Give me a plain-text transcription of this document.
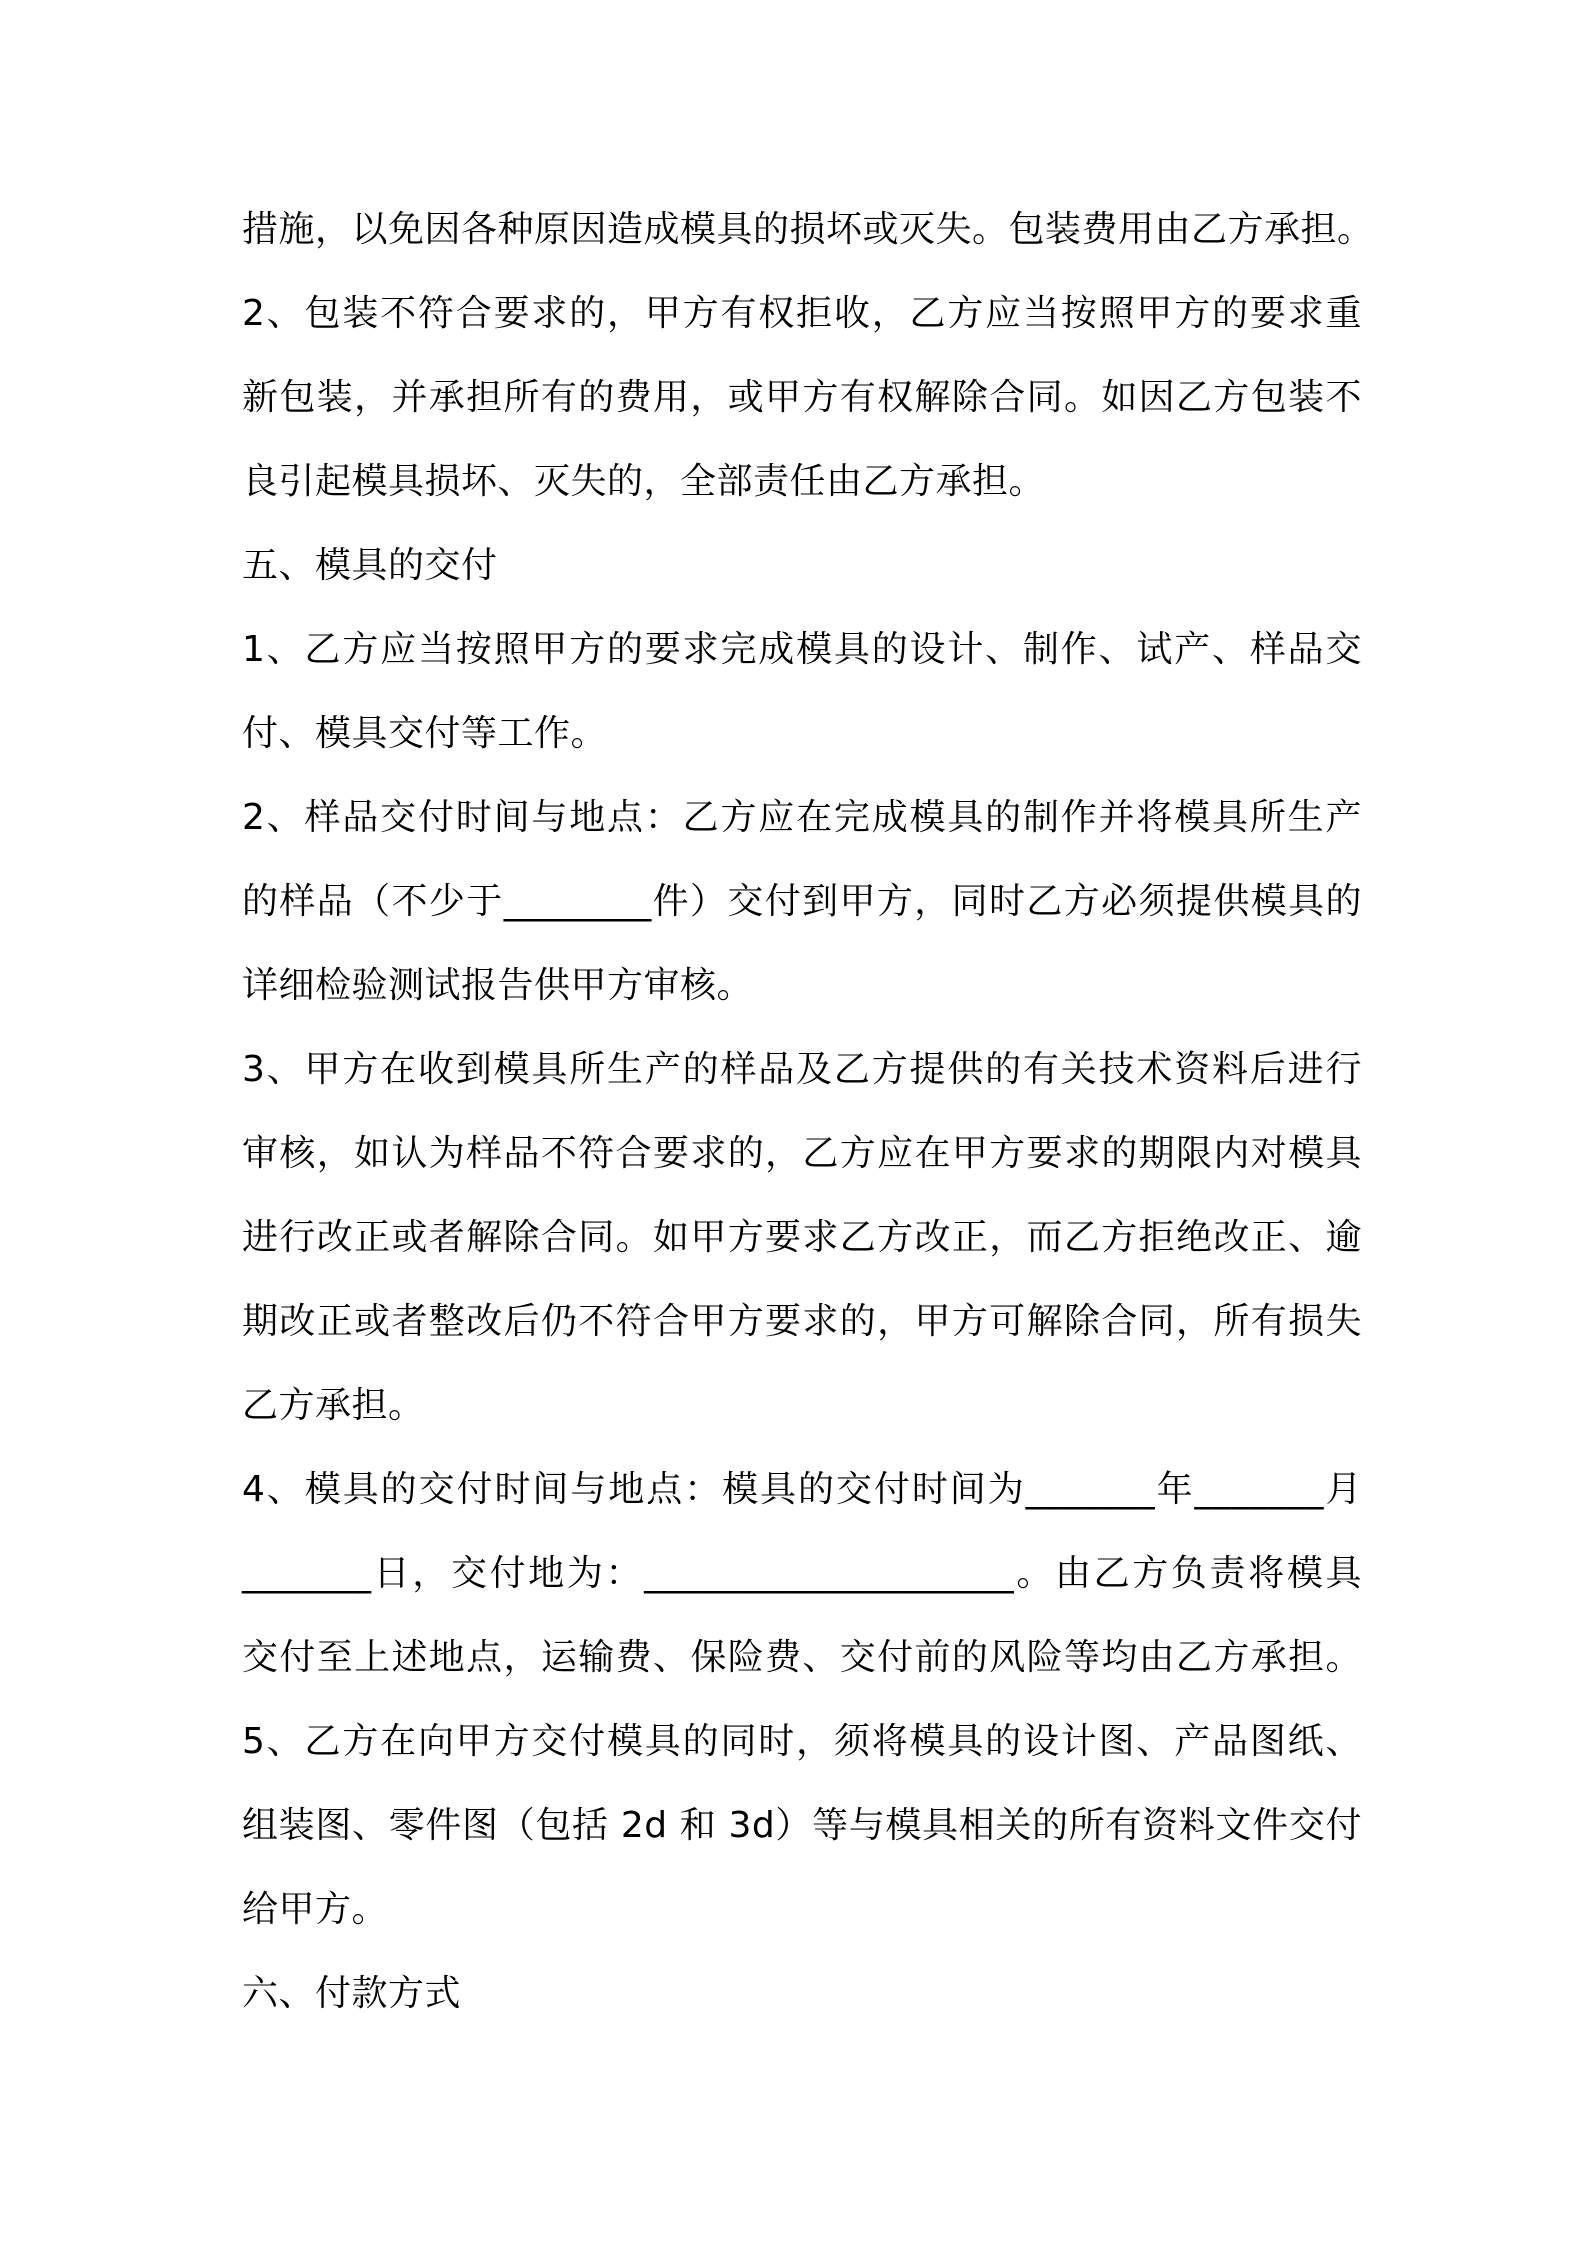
措施，以免因各种原因造成模具的损坏或灭失。包装费用由乙方承担。
2、包装不符合要求的，甲方有权拒收，乙方应当按照甲方的要求重
新包装，并承担所有的费用，或甲方有权解除合同。如因乙方包装不
良引起模具损坏、灭失的，全部责任由乙方承担。
五、模具的交付
1、乙方应当按照甲方的要求完成模具的设计、制作、试产、样品交
付、模具交付等工作。
2、样品交付时间与地点：乙方应在完成模具的制作并将模具所生产
的样品（不少于________件）交付到甲方，同时乙方必须提供模具的
详细检验测试报告供甲方审核。
3、甲方在收到模具所生产的样品及乙方提供的有关技术资料后进行
审核，如认为样品不符合要求的，乙方应在甲方要求的期限内对模具
进行改正或者解除合同。如甲方要求乙方改正，而乙方拒绝改正、逾
期改正或者整改后仍不符合甲方要求的，甲方可解除合同，所有损失
乙方承担。
4、模具的交付时间与地点：模具的交付时间为_______年_______月
_______日，交付地为：____________________。由乙方负责将模具
交付至上述地点，运输费、保险费、交付前的风险等均由乙方承担。
5、乙方在向甲方交付模具的同时，须将模具的设计图、产品图纸、
组装图、零件图（包括 2d 和 3d）等与模具相关的所有资料文件交付
给甲方。
六、付款方式
